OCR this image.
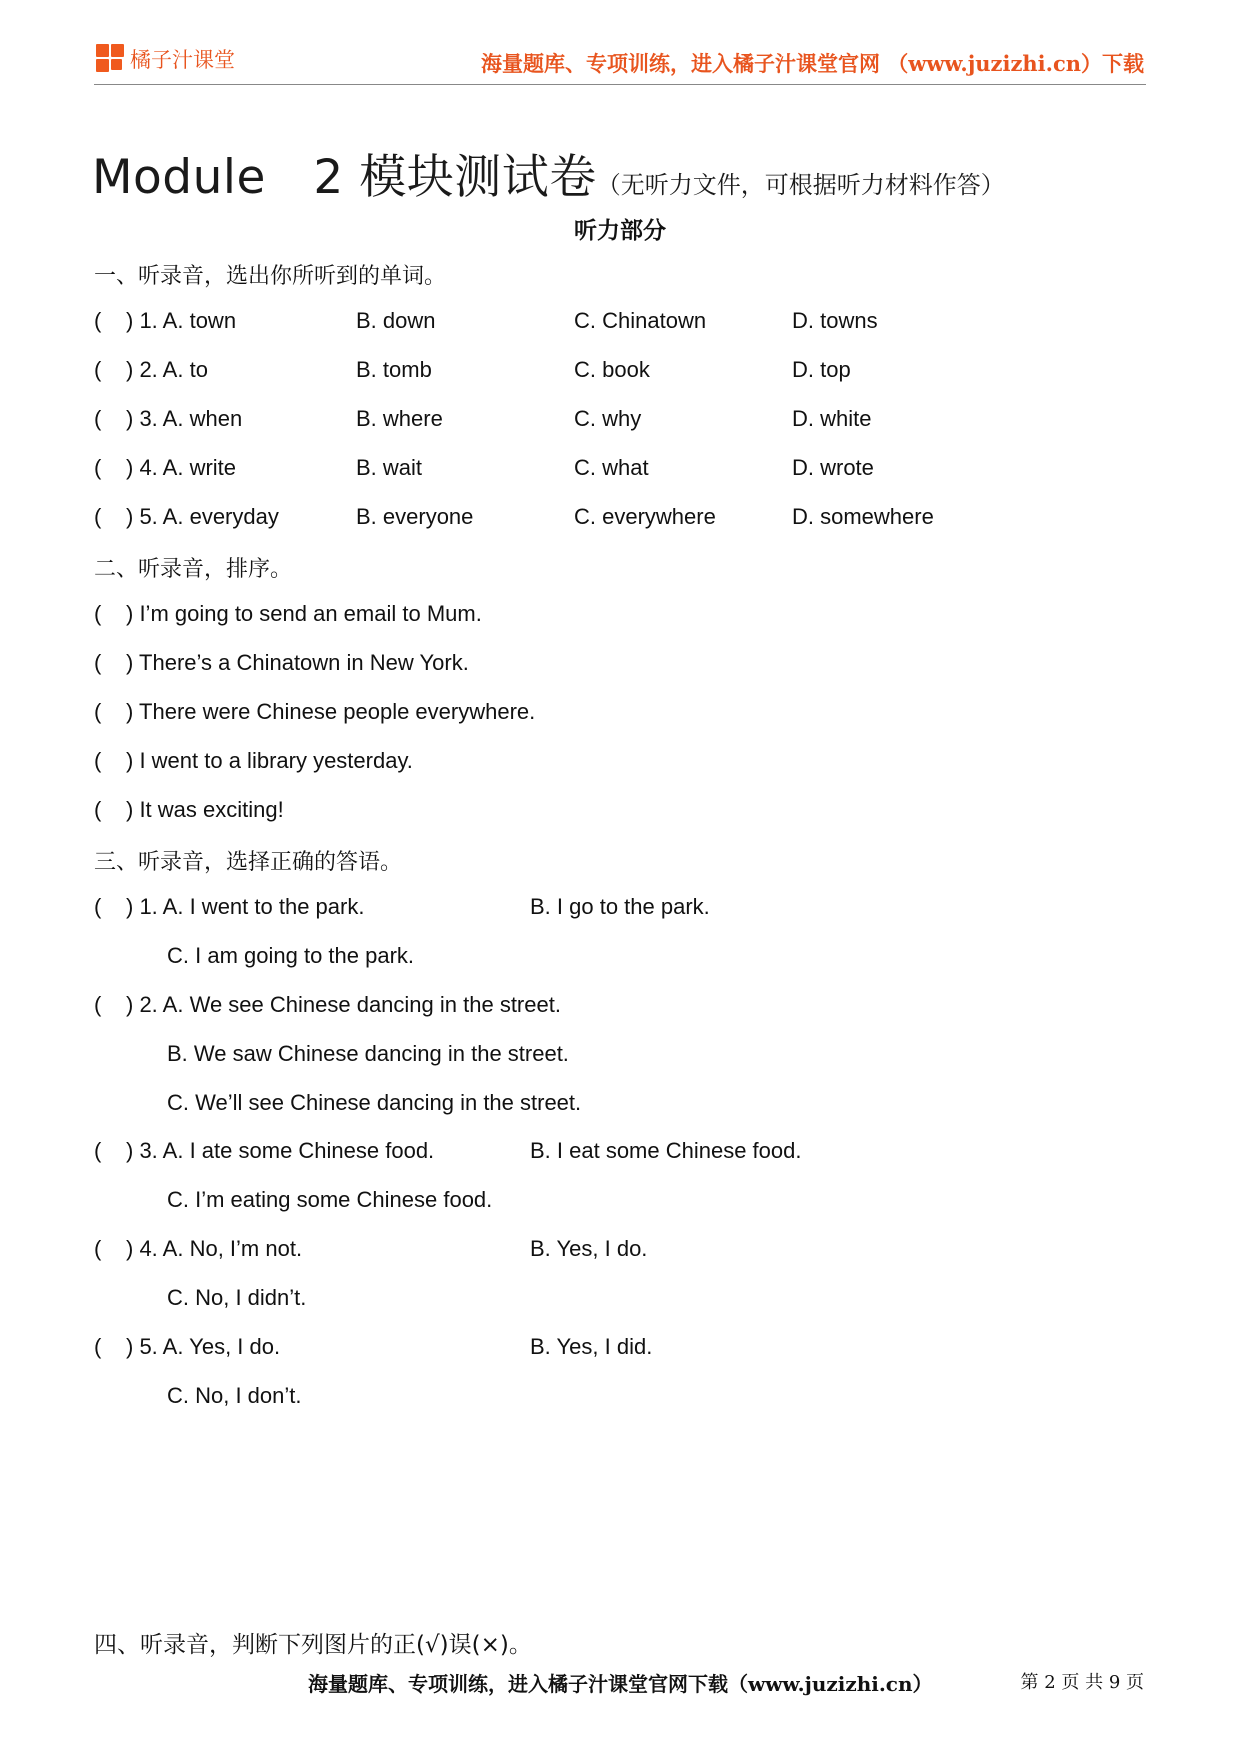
橘子汁课堂	海量题库、专项训练，进入橘子汁课堂官网 （www.juzizhi.cn）下载
Module　2 模块测试卷（无听力文件，可根据听力材料作答）
听力部分
一、听录音，选出你所听到的单词。
( ) 1. A. town	B. down	C. Chinatown	D. towns
( ) 2. A. to	B. tomb	C. book	D. top
( ) 3. A. when	B. where	C. why	D. white
( ) 4. A. write	B. wait	C. what	D. wrote
( ) 5. A. everyday	B. everyone	C. everywhere	D. somewhere
二、听录音，排序。
( ) I’m going to send an email to Mum.
( ) There’s a Chinatown in New York.
( ) There were Chinese people everywhere.
( ) I went to a library yesterday.
( ) It was exciting!
三、听录音，选择正确的答语。
( ) 1. A. I went to the park.	B. I go to the park.
C. I am going to the park.
( ) 2. A. We see Chinese dancing in the street.
B. We saw Chinese dancing in the street.
C. We’ll see Chinese dancing in the street.
( ) 3. A. I ate some Chinese food.	B. I eat some Chinese food.
C. I’m eating some Chinese food.
( ) 4. A. No, I’m not.	B. Yes, I do.
C. No, I didn’t.
( ) 5. A. Yes, I do.	B. Yes, I did.
C. No, I don’t.
四、听录音，判断下列图片的正(√)误(×)。
海量题库、专项训练，进入橘子汁课堂官网下载（www.juzizhi.cn）	第 2 页 共 9 页
